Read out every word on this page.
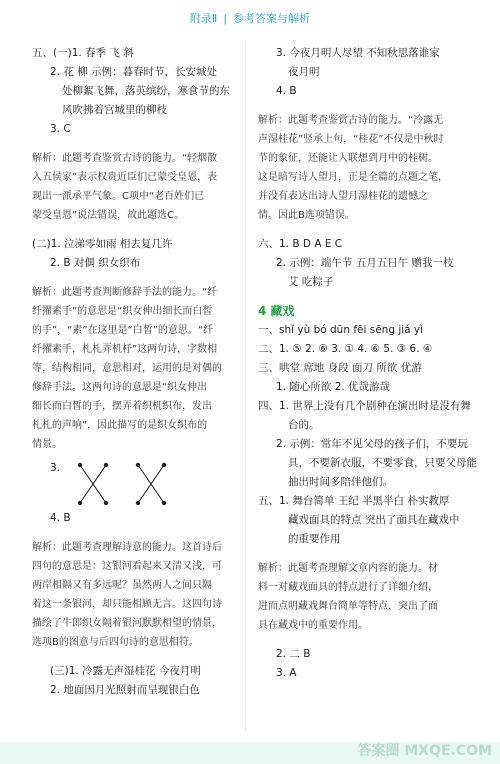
附录Ⅱ | 参考答案与解析
五、(一)1. 春季 飞 斜
2. 花 柳 示例：暮春时节，长安城处
处柳絮飞舞，落英缤纷，寒食节的东
风吹拂着宫城里的柳枝
3. C
解析：此题考查鉴赏古诗的能力。“轻烟散
入五侯家”表示权贵近臣们已蒙受皇恩，表
现出一派承平气象。C项中“老百姓们已
蒙受皇恩”说法错误，故此题选C。
(二)1. 泣涕零如雨 相去复几许
2. B 对偶 织女织布
解析：此题考查判断修辞手法的能力。“纤
纤擢素手”的意思是“织女伸出细长而白皙
的手”，“素”在这里是“白皙”的意思。“纤
纤擢素手，札札弄机杼”这两句诗，字数相
等，结构相同，意思相对，运用的是对偶的
修辞手法。这两句诗的意思是“织女伸出
细长而白皙的手，摆弄着织机织布，发出
札札的声响”，因此描写的是织女织布的
情景。
3.
4. B
解析：此题考查理解诗意的能力。这首诗后
四句的意思是：这银河看起来又清又浅，可
两岸相隔又有多远呢？虽然两人之间只隔
着这一条银河，却只能相顾无言。这四句诗
描绘了牛郎织女隔着银河默默相望的情景，
选项B的图意与后四句诗的意思相符。
(三)1. 冷露无声湿桂花 今夜月明
2. 地面因月光照射而呈现银白色
3. 今夜月明人尽望 不知秋思落谁家
夜月明
4. B
解析：此题考查鉴赏古诗的能力。“冷露无
声湿桂花”竖承上句，“桂花”不仅是中秋时
节的象征，还能让人联想到月中的桂树。
这是暗写诗人望月，正是全篇的点题之笔，
并没有表达出诗人望月湿桂花的遗憾之
情。因此B选项错误。
六、1. B D A E C
2. 示例：端午节 五月五日午 赠我一枝
艾 吃粽子
4 藏戏
一、shǐ yù bó dūn fēi sēng jiá yì
二、1. ⑤ 2. ⑥ 3. ① 4. ⑥ 5. ③ 6. ④
三、哄堂 席地 身段 面刀 所欲 优游
1. 随心所欲 2. 优哉游哉
四、1. 世界上没有几个剧种在演出时是没有舞
台的。
2. 示例：常年不见父母的孩子们，不要玩
具，不要新衣服，不要零食，只要父母能
抽出时间多陪伴他们。
五、1. 舞台简单 王纪 半黑半白 朴实教厚
藏戏面具的特点 突出了面具在藏戏中
的重要作用
解析：此题考查理解文章内容的能力。材
料一对藏戏面具的特点进行了详细介绍，
进而点明藏戏舞台简单等特点，突出了面
具在藏戏中的重要作用。
2. 二 B
3. A
答案圈 MXQE.COM
